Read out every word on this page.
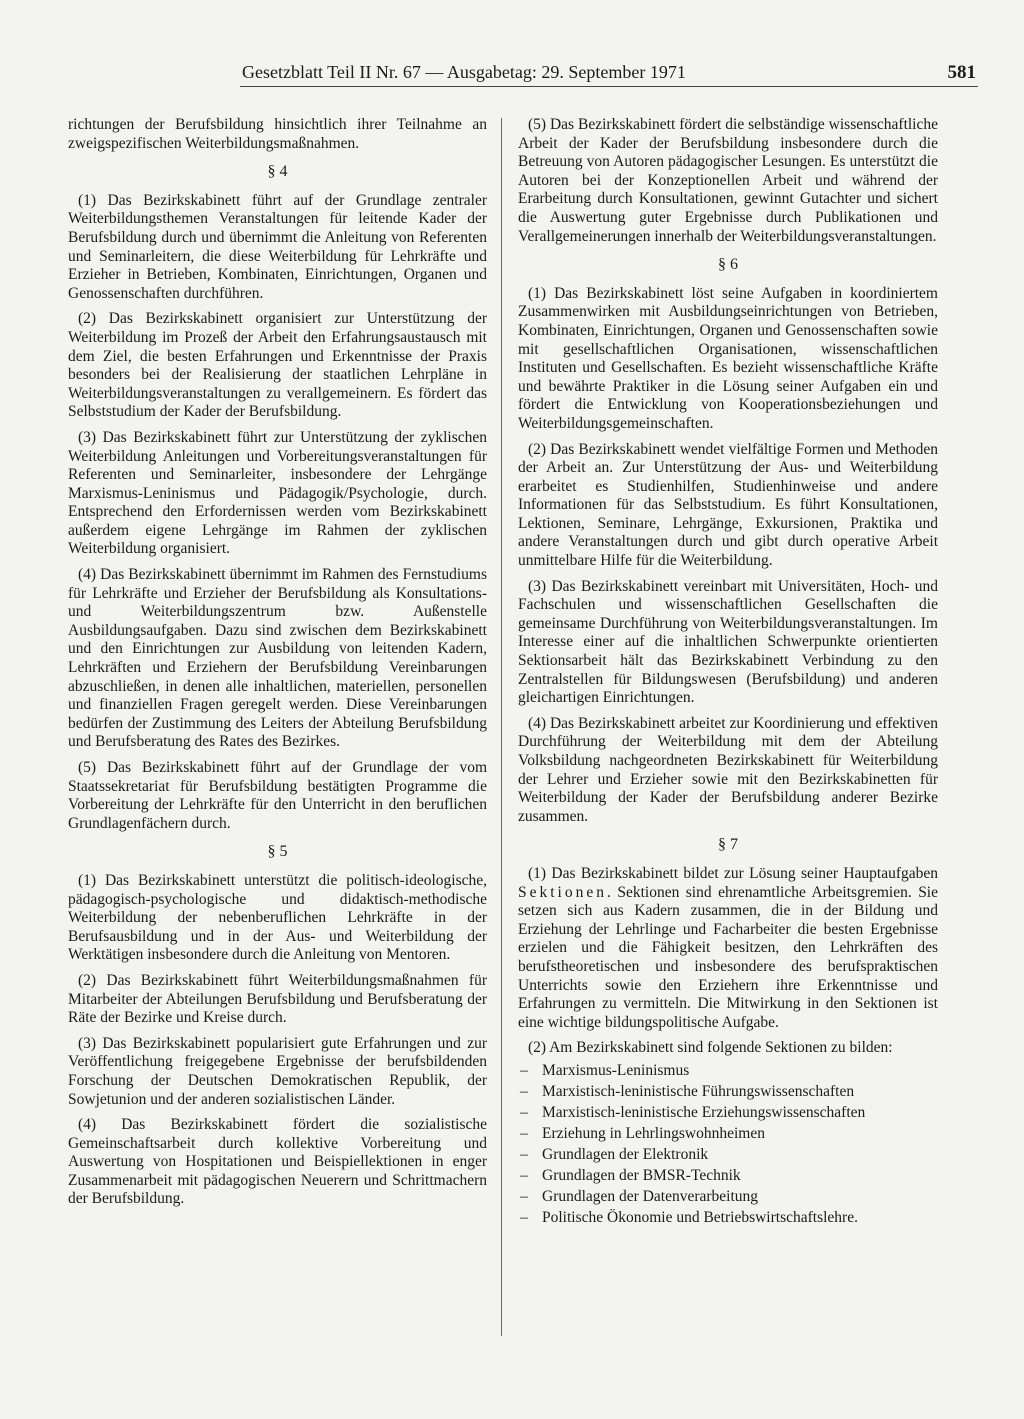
Gesetzblatt Teil II Nr. 67 — Ausgabetag: 29. September 1971	581

richtungen der Berufsbildung hinsichtlich ihrer Teilnahme an zweigspezifischen Weiterbildungsmaßnahmen.

§ 4

(1) Das Bezirkskabinett führt auf der Grundlage zentraler Weiterbildungsthemen Veranstaltungen für leitende Kader der Berufsbildung durch und übernimmt die Anleitung von Referenten und Seminarleitern, die diese Weiterbildung für Lehrkräfte und Erzieher in Betrieben, Kombinaten, Einrichtungen, Organen und Genossenschaften durchführen.

(2) Das Bezirkskabinett organisiert zur Unterstützung der Weiterbildung im Prozeß der Arbeit den Erfahrungsaustausch mit dem Ziel, die besten Erfahrungen und Erkenntnisse der Praxis besonders bei der Realisierung der staatlichen Lehrpläne in Weiterbildungsveranstaltungen zu verallgemeinern. Es fördert das Selbststudium der Kader der Berufsbildung.

(3) Das Bezirkskabinett führt zur Unterstützung der zyklischen Weiterbildung Anleitungen und Vorbereitungsveranstaltungen für Referenten und Seminarleiter, insbesondere der Lehrgänge Marxismus-Leninismus und Pädagogik/Psychologie, durch. Entsprechend den Erfordernissen werden vom Bezirkskabinett außerdem eigene Lehrgänge im Rahmen der zyklischen Weiterbildung organisiert.

(4) Das Bezirkskabinett übernimmt im Rahmen des Fernstudiums für Lehrkräfte und Erzieher der Berufsbildung als Konsultations- und Weiterbildungszentrum bzw. Außenstelle Ausbildungsaufgaben. Dazu sind zwischen dem Bezirkskabinett und den Einrichtungen zur Ausbildung von leitenden Kadern, Lehrkräften und Erziehern der Berufsbildung Vereinbarungen abzuschließen, in denen alle inhaltlichen, materiellen, personellen und finanziellen Fragen geregelt werden. Diese Vereinbarungen bedürfen der Zustimmung des Leiters der Abteilung Berufsbildung und Berufsberatung des Rates des Bezirkes.

(5) Das Bezirkskabinett führt auf der Grundlage der vom Staatssekretariat für Berufsbildung bestätigten Programme die Vorbereitung der Lehrkräfte für den Unterricht in den beruflichen Grundlagenfächern durch.

§ 5

(1) Das Bezirkskabinett unterstützt die politisch-ideologische, pädagogisch-psychologische und didaktisch-methodische Weiterbildung der nebenberuflichen Lehrkräfte in der Berufsausbildung und in der Aus- und Weiterbildung der Werktätigen insbesondere durch die Anleitung von Mentoren.

(2) Das Bezirkskabinett führt Weiterbildungsmaßnahmen für Mitarbeiter der Abteilungen Berufsbildung und Berufsberatung der Räte der Bezirke und Kreise durch.

(3) Das Bezirkskabinett popularisiert gute Erfahrungen und zur Veröffentlichung freigegebene Ergebnisse der berufsbildenden Forschung der Deutschen Demokratischen Republik, der Sowjetunion und der anderen sozialistischen Länder.

(4) Das Bezirkskabinett fördert die sozialistische Gemeinschaftsarbeit durch kollektive Vorbereitung und Auswertung von Hospitationen und Beispiellektionen in enger Zusammenarbeit mit pädagogischen Neuerern und Schrittmachern der Berufsbildung.

(5) Das Bezirkskabinett fördert die selbständige wissenschaftliche Arbeit der Kader der Berufsbildung insbesondere durch die Betreuung von Autoren pädagogischer Lesungen. Es unterstützt die Autoren bei der Konzeptionellen Arbeit und während der Erarbeitung durch Konsultationen, gewinnt Gutachter und sichert die Auswertung guter Ergebnisse durch Publikationen und Verallgemeinerungen innerhalb der Weiterbildungsveranstaltungen.

§ 6

(1) Das Bezirkskabinett löst seine Aufgaben in koordiniertem Zusammenwirken mit Ausbildungseinrichtungen von Betrieben, Kombinaten, Einrichtungen, Organen und Genossenschaften sowie mit gesellschaftlichen Organisationen, wissenschaftlichen Instituten und Gesellschaften. Es bezieht wissenschaftliche Kräfte und bewährte Praktiker in die Lösung seiner Aufgaben ein und fördert die Entwicklung von Kooperationsbeziehungen und Weiterbildungsgemeinschaften.

(2) Das Bezirkskabinett wendet vielfältige Formen und Methoden der Arbeit an. Zur Unterstützung der Aus- und Weiterbildung erarbeitet es Studienhilfen, Studienhinweise und andere Informationen für das Selbststudium. Es führt Konsultationen, Lektionen, Seminare, Lehrgänge, Exkursionen, Praktika und andere Veranstaltungen durch und gibt durch operative Arbeit unmittelbare Hilfe für die Weiterbildung.

(3) Das Bezirkskabinett vereinbart mit Universitäten, Hoch- und Fachschulen und wissenschaftlichen Gesellschaften die gemeinsame Durchführung von Weiterbildungsveranstaltungen. Im Interesse einer auf die inhaltlichen Schwerpunkte orientierten Sektionsarbeit hält das Bezirkskabinett Verbindung zu den Zentralstellen für Bildungswesen (Berufsbildung) und anderen gleichartigen Einrichtungen.

(4) Das Bezirkskabinett arbeitet zur Koordinierung und effektiven Durchführung der Weiterbildung mit dem der Abteilung Volksbildung nachgeordneten Bezirkskabinett für Weiterbildung der Lehrer und Erzieher sowie mit den Bezirkskabinetten für Weiterbildung der Kader der Berufsbildung anderer Bezirke zusammen.

§ 7

(1) Das Bezirkskabinett bildet zur Lösung seiner Hauptaufgaben Sektionen. Sektionen sind ehrenamtliche Arbeitsgremien. Sie setzen sich aus Kadern zusammen, die in der Bildung und Erziehung der Lehrlinge und Facharbeiter die besten Ergebnisse erzielen und die Fähigkeit besitzen, den Lehrkräften des berufstheoretischen und insbesondere des berufspraktischen Unterrichts sowie den Erziehern ihre Erkenntnisse und Erfahrungen zu vermitteln. Die Mitwirkung in den Sektionen ist eine wichtige bildungspolitische Aufgabe.

(2) Am Bezirkskabinett sind folgende Sektionen zu bilden:

– Marxismus-Leninismus
– Marxistisch-leninistische Führungswissenschaften
– Marxistisch-leninistische Erziehungswissenschaften
– Erziehung in Lehrlingswohnheimen
– Grundlagen der Elektronik
– Grundlagen der BMSR-Technik
– Grundlagen der Datenverarbeitung
– Politische Ökonomie und Betriebswirtschaftslehre.
